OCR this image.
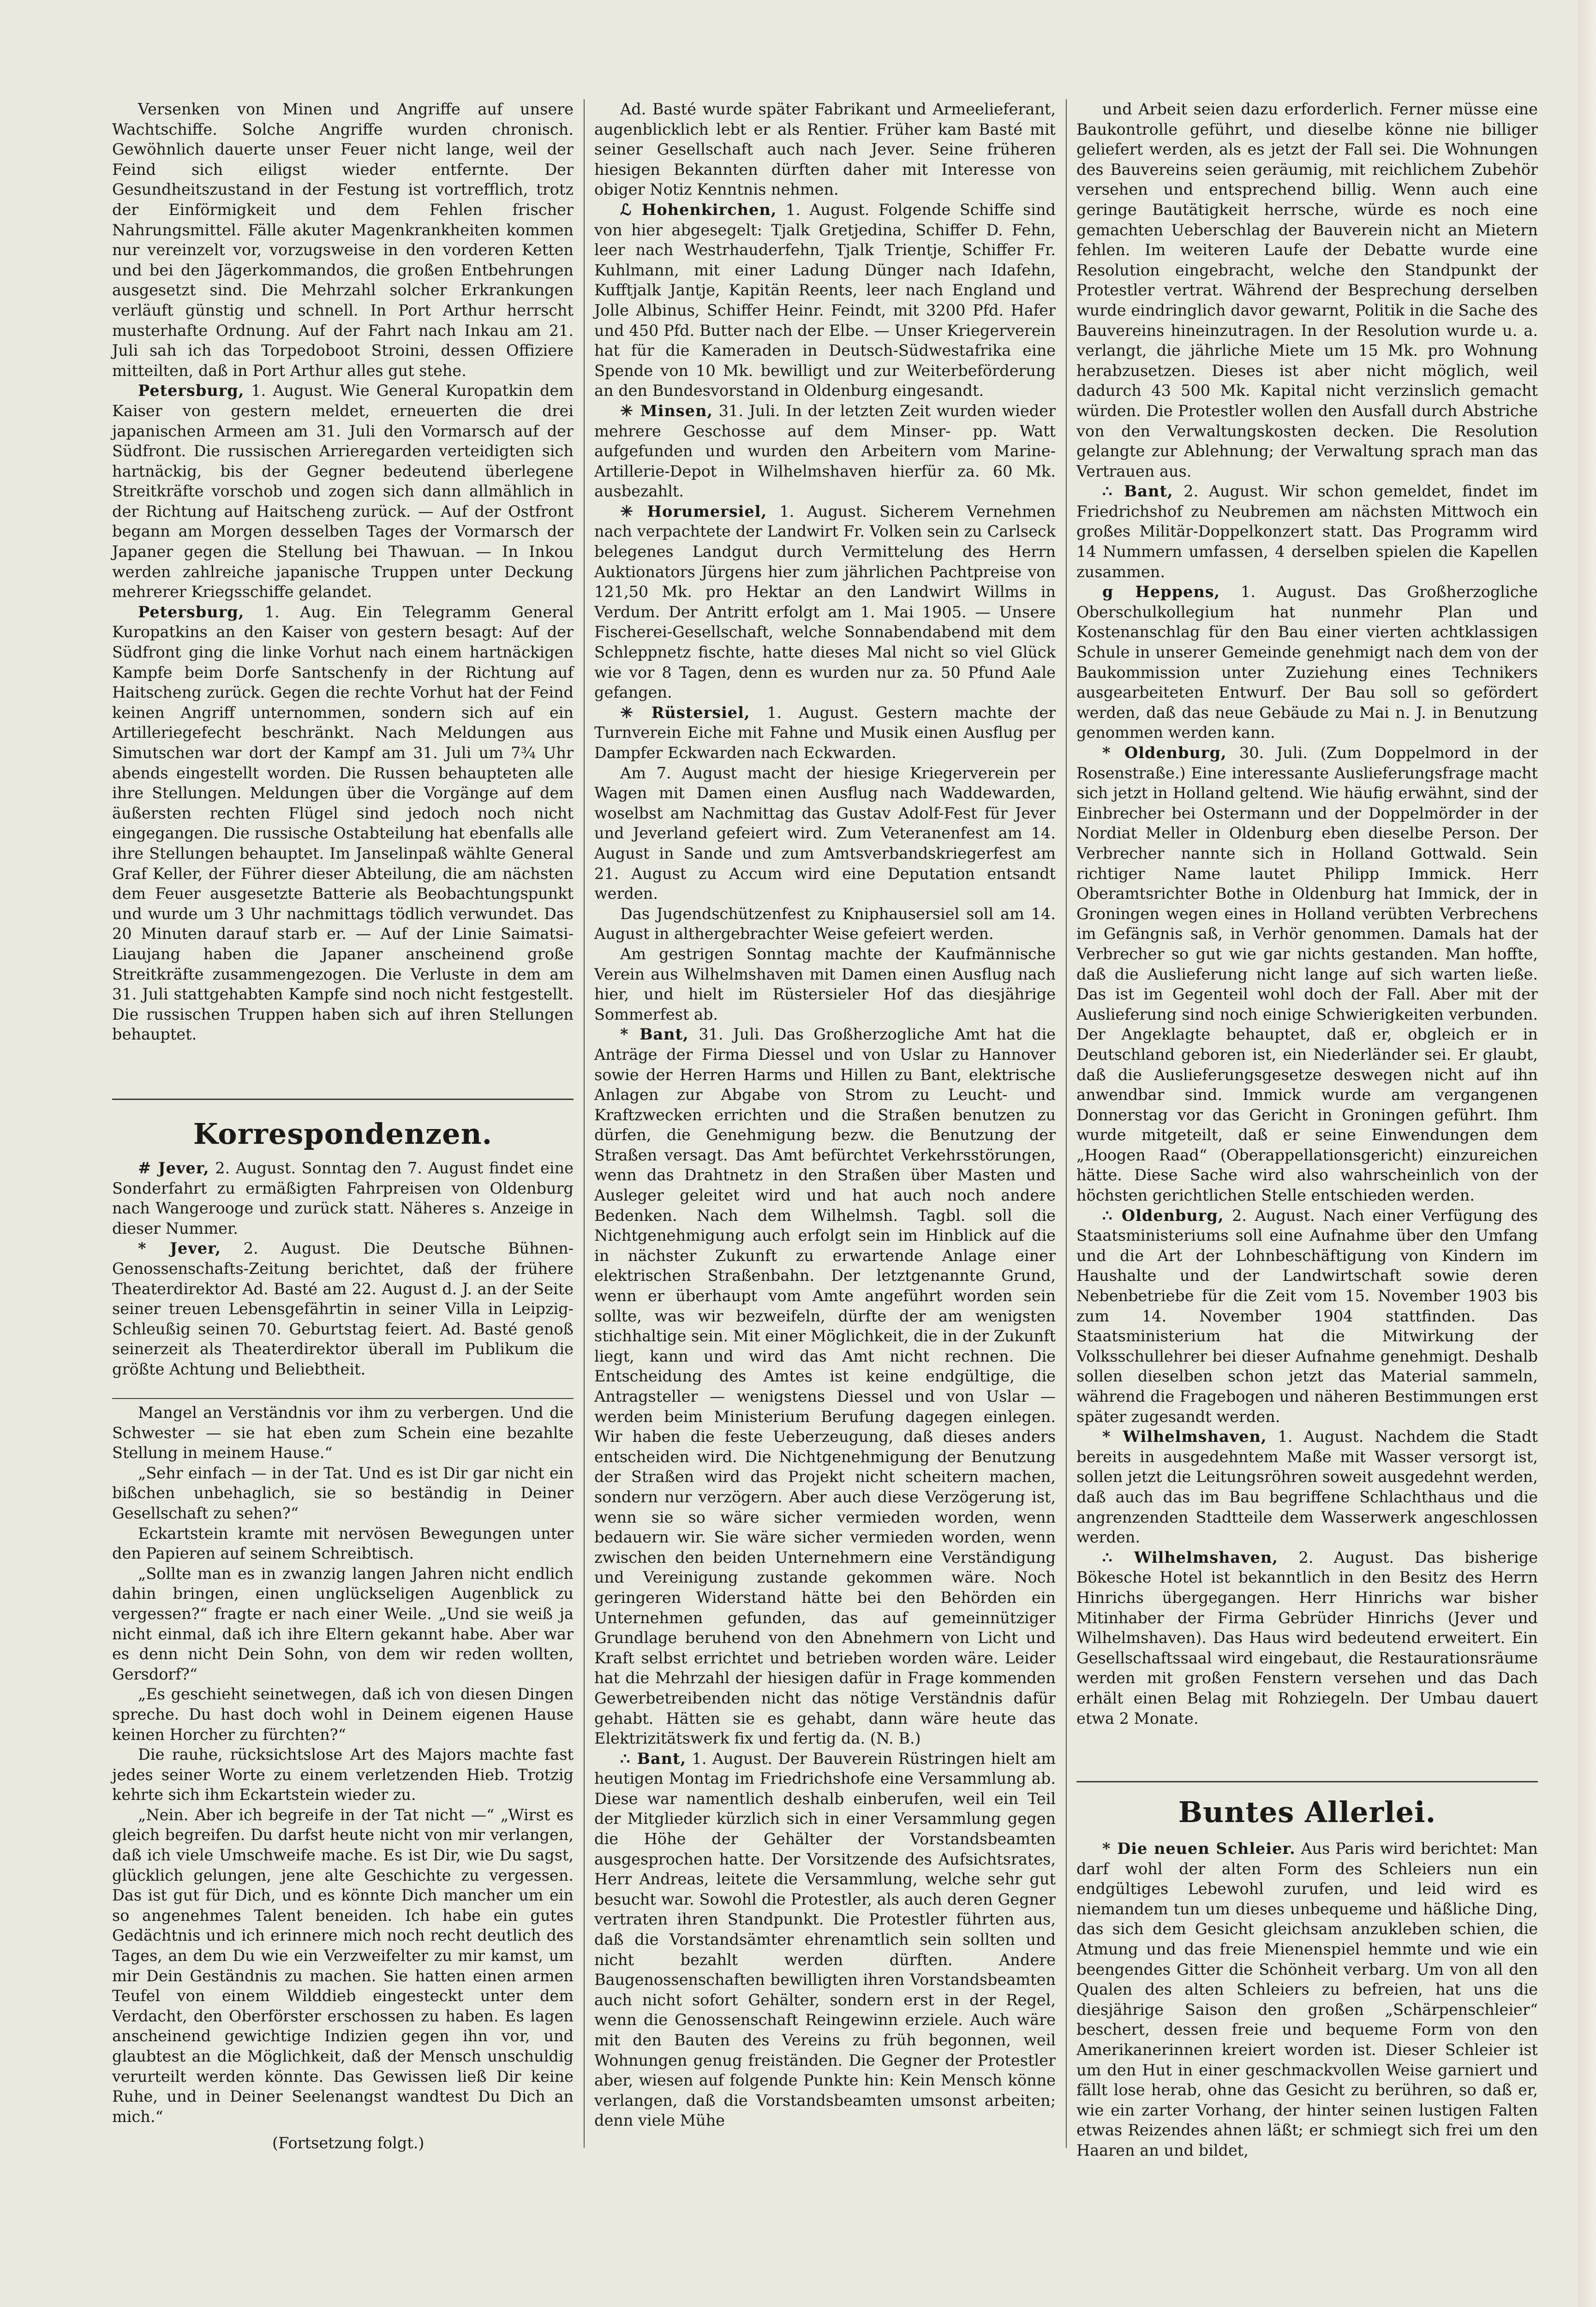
Versenken von Minen und Angriffe auf unsere Wachtschiffe. Solche Angriffe wurden chronisch. Gewöhnlich dauerte unser Feuer nicht lange, weil der Feind sich eiligst wieder entfernte. Der Gesundheitszustand in der Festung ist vortrefflich, trotz der Einförmigkeit und dem Fehlen frischer Nahrungsmittel. Fälle akuter Magenkrankheiten kommen nur vereinzelt vor, vorzugsweise in den vorderen Ketten und bei den Jägerkommandos, die großen Entbehrungen ausgesetzt sind. Die Mehrzahl solcher Erkrankungen verläuft günstig und schnell. In Port Arthur herrscht musterhafte Ordnung. Auf der Fahrt nach Inkau am 21. Juli sah ich das Torpedoboot Stroini, dessen Offiziere mitteilten, daß in Port Arthur alles gut stehe.

Petersburg, 1. August. Wie General Kuropatkin dem Kaiser von gestern meldet, erneuerten die drei japanischen Armeen am 31. Juli den Vormarsch auf der Südfront. Die russischen Arrieregarden verteidigten sich hartnäckig, bis der Gegner bedeutend überlegene Streitkräfte vorschob und zogen sich dann allmählich in der Richtung auf Haitscheng zurück. — Auf der Ostfront begann am Morgen desselben Tages der Vormarsch der Japaner gegen die Stellung bei Thawuan. — In Inkou werden zahlreiche japanische Truppen unter Deckung mehrerer Kriegsschiffe gelandet.

Petersburg, 1. Aug. Ein Telegramm General Kuropatkins an den Kaiser von gestern besagt: Auf der Südfront ging die linke Vorhut nach einem hartnäckigen Kampfe beim Dorfe Santschenfy in der Richtung auf Haitscheng zurück. Gegen die rechte Vorhut hat der Feind keinen Angriff unternommen, sondern sich auf ein Artilleriegefecht beschränkt. Nach Meldungen aus Simutschen war dort der Kampf am 31. Juli um 7¾ Uhr abends eingestellt worden. Die Russen behaupteten alle ihre Stellungen. Meldungen über die Vorgänge auf dem äußersten rechten Flügel sind jedoch noch nicht eingegangen. Die russische Ostabteilung hat ebenfalls alle ihre Stellungen behauptet. Im Janselinpaß wählte General Graf Keller, der Führer dieser Abteilung, die am nächsten dem Feuer ausgesetzte Batterie als Beobachtungspunkt und wurde um 3 Uhr nachmittags tödlich verwundet. Das 20 Minuten darauf starb er. — Auf der Linie Saimatsi-Liaujang haben die Japaner anscheinend große Streitkräfte zusammengezogen. Die Verluste in dem am 31. Juli stattgehabten Kampfe sind noch nicht festgestellt. Die russischen Truppen haben sich auf ihren Stellungen behauptet.

Korrespondenzen.

# Jever, 2. August. Sonntag den 7. August findet eine Sonderfahrt zu ermäßigten Fahrpreisen von Oldenburg nach Wangerooge und zurück statt. Näheres s. Anzeige in dieser Nummer.

* Jever, 2. August. Die Deutsche Bühnen-Genossenschafts-Zeitung berichtet, daß der frühere Theaterdirektor Ad. Basté am 22. August d. J. an der Seite seiner treuen Lebensgefährtin in seiner Villa in Leipzig-Schleußig seinen 70. Geburtstag feiert. Ad. Basté genoß seinerzeit als Theaterdirektor überall im Publikum die größte Achtung und Beliebtheit.

Mangel an Verständnis vor ihm zu verbergen. Und die Schwester — sie hat eben zum Schein eine bezahlte Stellung in meinem Hause.“

„Sehr einfach — in der Tat. Und es ist Dir gar nicht ein bißchen unbehaglich, sie so beständig in Deiner Gesellschaft zu sehen?“

Eckartstein kramte mit nervösen Bewegungen unter den Papieren auf seinem Schreibtisch.

„Sollte man es in zwanzig langen Jahren nicht endlich dahin bringen, einen unglückseligen Augenblick zu vergessen?“ fragte er nach einer Weile. „Und sie weiß ja nicht einmal, daß ich ihre Eltern gekannt habe. Aber war es denn nicht Dein Sohn, von dem wir reden wollten, Gersdorf?“

„Es geschieht seinetwegen, daß ich von diesen Dingen spreche. Du hast doch wohl in Deinem eigenen Hause keinen Horcher zu fürchten?“

Die rauhe, rücksichtslose Art des Majors machte fast jedes seiner Worte zu einem verletzenden Hieb. Trotzig kehrte sich ihm Eckartstein wieder zu.

„Nein. Aber ich begreife in der Tat nicht —“ „Wirst es gleich begreifen. Du darfst heute nicht von mir verlangen, daß ich viele Umschweife mache. Es ist Dir, wie Du sagst, glücklich gelungen, jene alte Geschichte zu vergessen. Das ist gut für Dich, und es könnte Dich mancher um ein so angenehmes Talent beneiden. Ich habe ein gutes Gedächtnis und ich erinnere mich noch recht deutlich des Tages, an dem Du wie ein Verzweifelter zu mir kamst, um mir Dein Geständnis zu machen. Sie hatten einen armen Teufel von einem Wilddieb eingesteckt unter dem Verdacht, den Oberförster erschossen zu haben. Es lagen anscheinend gewichtige Indizien gegen ihn vor, und glaubtest an die Möglichkeit, daß der Mensch unschuldig verurteilt werden könnte. Das Gewissen ließ Dir keine Ruhe, und in Deiner Seelenangst wandtest Du Dich an mich.“

(Fortsetzung folgt.)

Ad. Basté wurde später Fabrikant und Armeelieferant, augenblicklich lebt er als Rentier. Früher kam Basté mit seiner Gesellschaft auch nach Jever. Seine früheren hiesigen Bekannten dürften daher mit Interesse von obiger Notiz Kenntnis nehmen.

ℒ Hohenkirchen, 1. August. Folgende Schiffe sind von hier abgesegelt: Tjalk Gretjedina, Schiffer D. Fehn, leer nach Westrhauderfehn, Tjalk Trientje, Schiffer Fr. Kuhlmann, mit einer Ladung Dünger nach Idafehn, Kufftjalk Jantje, Kapitän Reents, leer nach England und Jolle Albinus, Schiffer Heinr. Feindt, mit 3200 Pfd. Hafer und 450 Pfd. Butter nach der Elbe. — Unser Kriegerverein hat für die Kameraden in Deutsch-Südwestafrika eine Spende von 10 Mk. bewilligt und zur Weiterbeförderung an den Bundesvorstand in Oldenburg eingesandt.

✳ Minsen, 31. Juli. In der letzten Zeit wurden wieder mehrere Geschosse auf dem Minser- pp. Watt aufgefunden und wurden den Arbeitern vom Marine-Artillerie-Depot in Wilhelmshaven hierfür za. 60 Mk. ausbezahlt.

✳ Horumersiel, 1. August. Sicherem Vernehmen nach verpachtete der Landwirt Fr. Volken sein zu Carlseck belegenes Landgut durch Vermittelung des Herrn Auktionators Jürgens hier zum jährlichen Pachtpreise von 121,50 Mk. pro Hektar an den Landwirt Willms in Verdum. Der Antritt erfolgt am 1. Mai 1905. — Unsere Fischerei-Gesellschaft, welche Sonnabendabend mit dem Schleppnetz fischte, hatte dieses Mal nicht so viel Glück wie vor 8 Tagen, denn es wurden nur za. 50 Pfund Aale gefangen.

✳ Rüstersiel, 1. August. Gestern machte der Turnverein Eiche mit Fahne und Musik einen Ausflug per Dampfer Eckwarden nach Eckwarden.

Am 7. August macht der hiesige Kriegerverein per Wagen mit Damen einen Ausflug nach Waddewarden, woselbst am Nachmittag das Gustav Adolf-Fest für Jever und Jeverland gefeiert wird. Zum Veteranenfest am 14. August in Sande und zum Amtsverbandskriegerfest am 21. August zu Accum wird eine Deputation entsandt werden.

Das Jugendschützenfest zu Kniphausersiel soll am 14. August in althergebrachter Weise gefeiert werden.

Am gestrigen Sonntag machte der Kaufmännische Verein aus Wilhelmshaven mit Damen einen Ausflug nach hier, und hielt im Rüstersieler Hof das diesjährige Sommerfest ab.

* Bant, 31. Juli. Das Großherzogliche Amt hat die Anträge der Firma Diessel und von Uslar zu Hannover sowie der Herren Harms und Hillen zu Bant, elektrische Anlagen zur Abgabe von Strom zu Leucht- und Kraftzwecken errichten und die Straßen benutzen zu dürfen, die Genehmigung bezw. die Benutzung der Straßen versagt. Das Amt befürchtet Verkehrsstörungen, wenn das Drahtnetz in den Straßen über Masten und Ausleger geleitet wird und hat auch noch andere Bedenken. Nach dem Wilhelmsh. Tagbl. soll die Nichtgenehmigung auch erfolgt sein im Hinblick auf die in nächster Zukunft zu erwartende Anlage einer elektrischen Straßenbahn. Der letztgenannte Grund, wenn er überhaupt vom Amte angeführt worden sein sollte, was wir bezweifeln, dürfte der am wenigsten stichhaltige sein. Mit einer Möglichkeit, die in der Zukunft liegt, kann und wird das Amt nicht rechnen. Die Entscheidung des Amtes ist keine endgültige, die Antragsteller — wenigstens Diessel und von Uslar — werden beim Ministerium Berufung dagegen einlegen. Wir haben die feste Ueberzeugung, daß dieses anders entscheiden wird. Die Nichtgenehmigung der Benutzung der Straßen wird das Projekt nicht scheitern machen, sondern nur verzögern. Aber auch diese Verzögerung ist, wenn sie so wäre sicher vermieden worden, wenn bedauern wir. Sie wäre sicher vermieden worden, wenn zwischen den beiden Unternehmern eine Verständigung und Vereinigung zustande gekommen wäre. Noch geringeren Widerstand hätte bei den Behörden ein Unternehmen gefunden, das auf gemeinnütziger Grundlage beruhend von den Abnehmern von Licht und Kraft selbst errichtet und betrieben worden wäre. Leider hat die Mehrzahl der hiesigen dafür in Frage kommenden Gewerbetreibenden nicht das nötige Verständnis dafür gehabt. Hätten sie es gehabt, dann wäre heute das Elektrizitätswerk fix und fertig da. (N. B.)

∴ Bant, 1. August. Der Bauverein Rüstringen hielt am heutigen Montag im Friedrichshofe eine Versammlung ab. Diese war namentlich deshalb einberufen, weil ein Teil der Mitglieder kürzlich sich in einer Versammlung gegen die Höhe der Gehälter der Vorstandsbeamten ausgesprochen hatte. Der Vorsitzende des Aufsichtsrates, Herr Andreas, leitete die Versammlung, welche sehr gut besucht war. Sowohl die Protestler, als auch deren Gegner vertraten ihren Standpunkt. Die Protestler führten aus, daß die Vorstandsämter ehrenamtlich sein sollten und nicht bezahlt werden dürften. Andere Baugenossenschaften bewilligten ihren Vorstandsbeamten auch nicht sofort Gehälter, sondern erst in der Regel, wenn die Genossenschaft Reingewinn erziele. Auch wäre mit den Bauten des Vereins zu früh begonnen, weil Wohnungen genug freiständen. Die Gegner der Protestler aber, wiesen auf folgende Punkte hin: Kein Mensch könne verlangen, daß die Vorstandsbeamten umsonst arbeiten; denn viele Mühe

und Arbeit seien dazu erforderlich. Ferner müsse eine Baukontrolle geführt, und dieselbe könne nie billiger geliefert werden, als es jetzt der Fall sei. Die Wohnungen des Bauvereins seien geräumig, mit reichlichem Zubehör versehen und entsprechend billig. Wenn auch eine geringe Bautätigkeit herrsche, würde es noch eine gemachten Ueberschlag der Bauverein nicht an Mietern fehlen. Im weiteren Laufe der Debatte wurde eine Resolution eingebracht, welche den Standpunkt der Protestler vertrat. Während der Besprechung derselben wurde eindringlich davor gewarnt, Politik in die Sache des Bauvereins hineinzutragen. In der Resolution wurde u. a. verlangt, die jährliche Miete um 15 Mk. pro Wohnung herabzusetzen. Dieses ist aber nicht möglich, weil dadurch 43 500 Mk. Kapital nicht verzinslich gemacht würden. Die Protestler wollen den Ausfall durch Abstriche von den Verwaltungskosten decken. Die Resolution gelangte zur Ablehnung; der Verwaltung sprach man das Vertrauen aus.

∴ Bant, 2. August. Wir schon gemeldet, findet im Friedrichshof zu Neubremen am nächsten Mittwoch ein großes Militär-Doppelkonzert statt. Das Programm wird 14 Nummern umfassen, 4 derselben spielen die Kapellen zusammen.

g Heppens, 1. August. Das Großherzogliche Oberschulkollegium hat nunmehr Plan und Kostenanschlag für den Bau einer vierten achtklassigen Schule in unserer Gemeinde genehmigt nach dem von der Baukommission unter Zuziehung eines Technikers ausgearbeiteten Entwurf. Der Bau soll so gefördert werden, daß das neue Gebäude zu Mai n. J. in Benutzung genommen werden kann.

* Oldenburg, 30. Juli. (Zum Doppelmord in der Rosenstraße.) Eine interessante Auslieferungsfrage macht sich jetzt in Holland geltend. Wie häufig erwähnt, sind der Einbrecher bei Ostermann und der Doppelmörder in der Nordiat Meller in Oldenburg eben dieselbe Person. Der Verbrecher nannte sich in Holland Gottwald. Sein richtiger Name lautet Philipp Immick. Herr Oberamtsrichter Bothe in Oldenburg hat Immick, der in Groningen wegen eines in Holland verübten Verbrechens im Gefängnis saß, in Verhör genommen. Damals hat der Verbrecher so gut wie gar nichts gestanden. Man hoffte, daß die Auslieferung nicht lange auf sich warten ließe. Das ist im Gegenteil wohl doch der Fall. Aber mit der Auslieferung sind noch einige Schwierigkeiten verbunden. Der Angeklagte behauptet, daß er, obgleich er in Deutschland geboren ist, ein Niederländer sei. Er glaubt, daß die Auslieferungsgesetze deswegen nicht auf ihn anwendbar sind. Immick wurde am vergangenen Donnerstag vor das Gericht in Groningen geführt. Ihm wurde mitgeteilt, daß er seine Einwendungen dem „Hoogen Raad“ (Oberappellationsgericht) einzureichen hätte. Diese Sache wird also wahrscheinlich von der höchsten gerichtlichen Stelle entschieden werden.

∴ Oldenburg, 2. August. Nach einer Verfügung des Staatsministeriums soll eine Aufnahme über den Umfang und die Art der Lohnbeschäftigung von Kindern im Haushalte und der Landwirtschaft sowie deren Nebenbetriebe für die Zeit vom 15. November 1903 bis zum 14. November 1904 stattfinden. Das Staatsministerium hat die Mitwirkung der Volksschullehrer bei dieser Aufnahme genehmigt. Deshalb sollen dieselben schon jetzt das Material sammeln, während die Fragebogen und näheren Bestimmungen erst später zugesandt werden.

* Wilhelmshaven, 1. August. Nachdem die Stadt bereits in ausgedehntem Maße mit Wasser versorgt ist, sollen jetzt die Leitungsröhren soweit ausgedehnt werden, daß auch das im Bau begriffene Schlachthaus und die angrenzenden Stadtteile dem Wasserwerk angeschlossen werden.

∴ Wilhelmshaven, 2. August. Das bisherige Bökesche Hotel ist bekanntlich in den Besitz des Herrn Hinrichs übergegangen. Herr Hinrichs war bisher Mitinhaber der Firma Gebrüder Hinrichs (Jever und Wilhelmshaven). Das Haus wird bedeutend erweitert. Ein Gesellschaftssaal wird eingebaut, die Restaurationsräume werden mit großen Fenstern versehen und das Dach erhält einen Belag mit Rohziegeln. Der Umbau dauert etwa 2 Monate.

Buntes Allerlei.

* Die neuen Schleier. Aus Paris wird berichtet: Man darf wohl der alten Form des Schleiers nun ein endgültiges Lebewohl zurufen, und leid wird es niemandem tun um dieses unbequeme und häßliche Ding, das sich dem Gesicht gleichsam anzukleben schien, die Atmung und das freie Mienenspiel hemmte und wie ein beengendes Gitter die Schönheit verbarg. Um von all den Qualen des alten Schleiers zu befreien, hat uns die diesjährige Saison den großen „Schärpenschleier“ beschert, dessen freie und bequeme Form von den Amerikanerinnen kreiert worden ist. Dieser Schleier ist um den Hut in einer geschmackvollen Weise garniert und fällt lose herab, ohne das Gesicht zu berühren, so daß er, wie ein zarter Vorhang, der hinter seinen lustigen Falten etwas Reizendes ahnen läßt; er schmiegt sich frei um den Haaren an und bildet,
